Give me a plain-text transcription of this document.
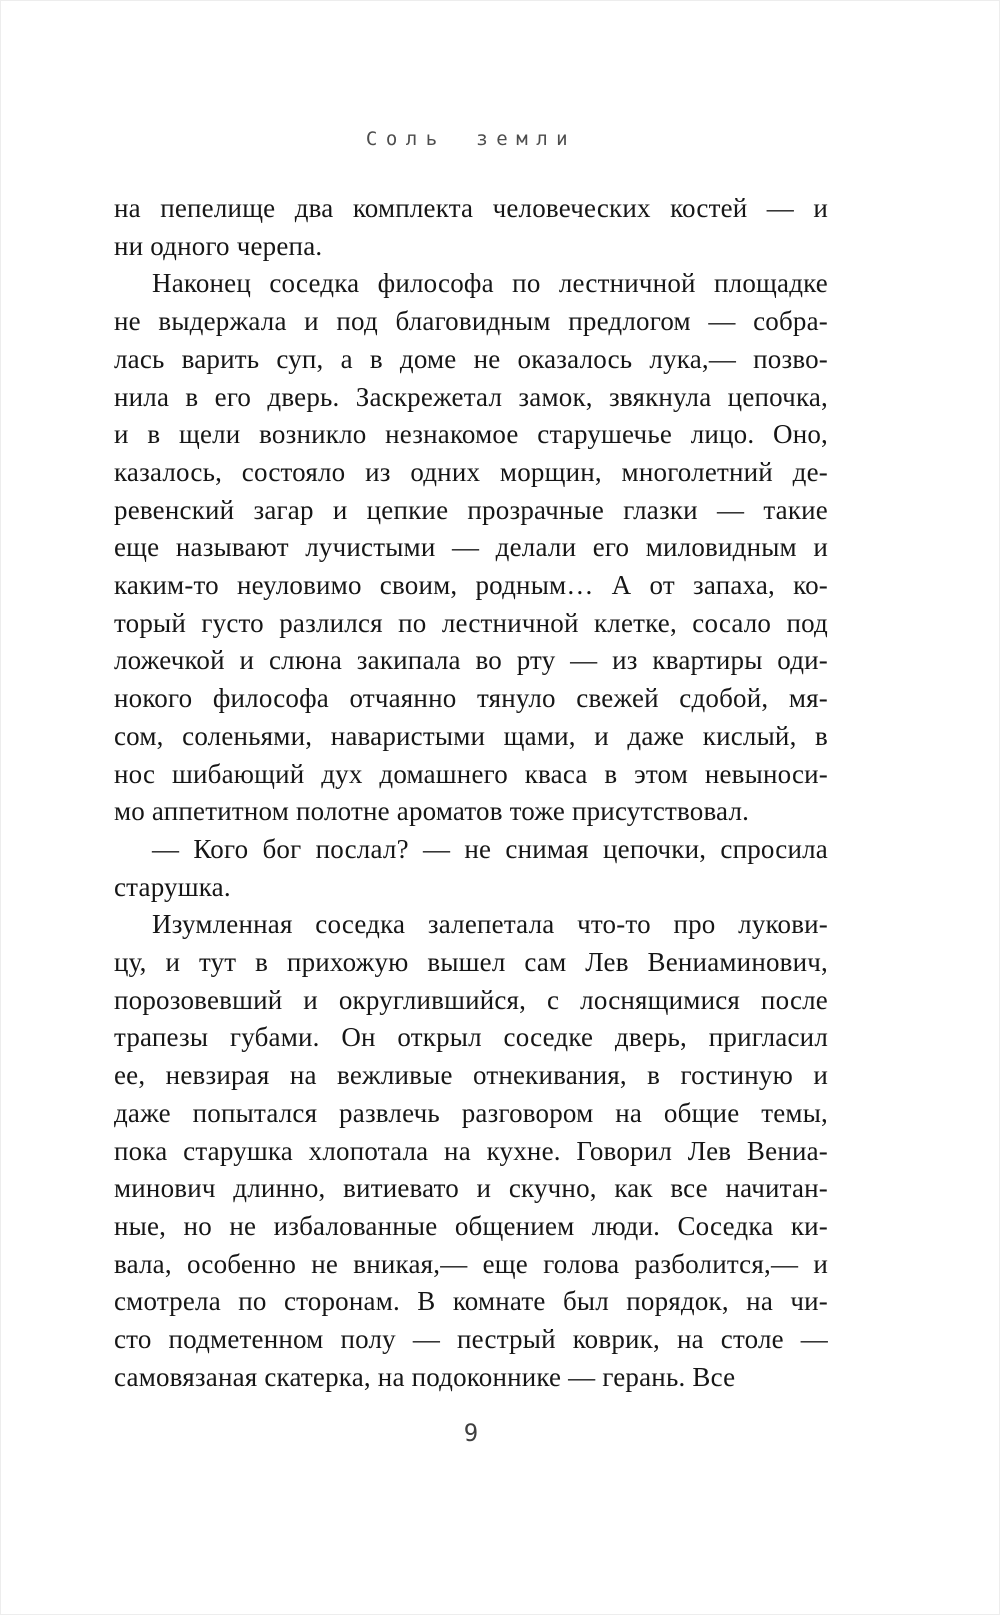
Соль земли
на пепелище два комплекта человеческих костей — и
ни одного черепа.
Наконец соседка философа по лестничной площадке
не выдержала и под благовидным предлогом — собра-
лась варить суп, а в доме не оказалось лука,— позво-
нила в его дверь. Заскрежетал замок, звякнула цепочка,
и в щели возникло незнакомое старушечье лицо. Оно,
казалось, состояло из одних морщин, многолетний де-
ревенский загар и цепкие прозрачные глазки — такие
еще называют лучистыми — делали его миловидным и
каким-то неуловимо своим, родным… А от запаха, ко-
торый густо разлился по лестничной клетке, сосало под
ложечкой и слюна закипала во рту — из квартиры оди-
нокого философа отчаянно тянуло свежей сдобой, мя-
сом, соленьями, наваристыми щами, и даже кислый, в
нос шибающий дух домашнего кваса в этом невыноси-
мо аппетитном полотне ароматов тоже присутствовал.
— Кого бог послал? — не снимая цепочки, спросила
старушка.
Изумленная соседка залепетала что-то про лукови-
цу, и тут в прихожую вышел сам Лев Вениаминович,
порозовевший и округлившийся, с лоснящимися после
трапезы губами. Он открыл соседке дверь, пригласил
ее, невзирая на вежливые отнекивания, в гостиную и
даже попытался развлечь разговором на общие темы,
пока старушка хлопотала на кухне. Говорил Лев Вениа-
минович длинно, витиевато и скучно, как все начитан-
ные, но не избалованные общением люди. Соседка ки-
вала, особенно не вникая,— еще голова разболится,— и
смотрела по сторонам. В комнате был порядок, на чи-
сто подметенном полу — пестрый коврик, на столе —
самовязаная скатерка, на подоконнике — герань. Все
9
